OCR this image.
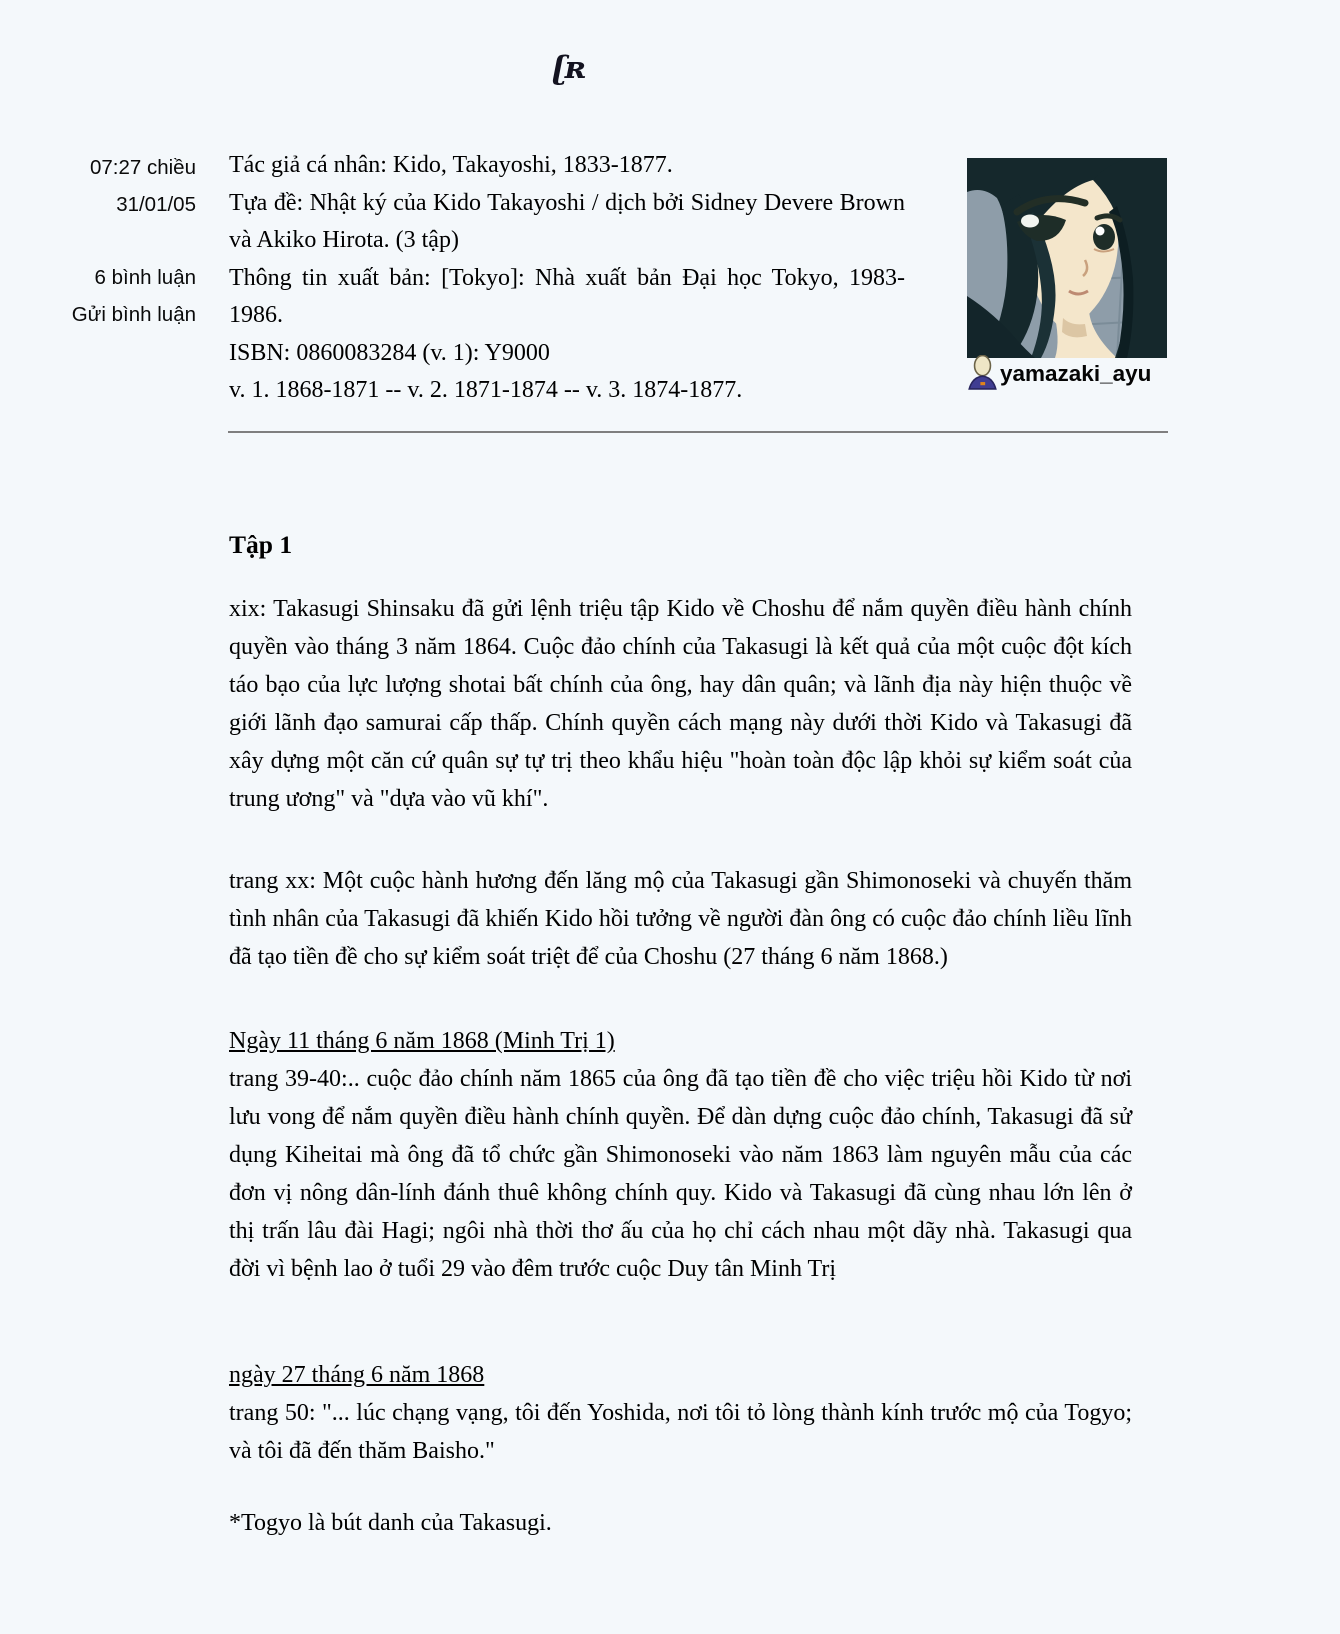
ʗʀ
07:27 chiều
31/01/05
6 bình luận
Gửi bình luận

Tác giả cá nhân: Kido, Takayoshi, 1833-1877.

Tựa đề: Nhật ký của Kido Takayoshi / dịch bởi Sidney Devere Brown và Akiko Hirota. (3 tập)

Thông tin xuất bản: [Tokyo]: Nhà xuất bản Đại học Tokyo, 1983-1986.

ISBN: 0860083284 (v. 1): Y9000

v. 1. 1868-1871 -- v. 2. 1871-1874 -- v. 3. 1874-1877.

yamazaki_ayu
Tập 1

xix: Takasugi Shinsaku đã gửi lệnh triệu tập Kido về Choshu để nắm quyền điều hành chính quyền vào tháng 3 năm 1864. Cuộc đảo chính của Takasugi là kết quả của một cuộc đột kích táo bạo của lực lượng shotai bất chính của ông, hay dân quân; và lãnh địa này hiện thuộc về giới lãnh đạo samurai cấp thấp. Chính quyền cách mạng này dưới thời Kido và Takasugi đã xây dựng một căn cứ quân sự tự trị theo khẩu hiệu "hoàn toàn độc lập khỏi sự kiểm soát của trung ương" và "dựa vào vũ khí".

trang xx: Một cuộc hành hương đến lăng mộ của Takasugi gần Shimonoseki và chuyến thăm tình nhân của Takasugi đã khiến Kido hồi tưởng về người đàn ông có cuộc đảo chính liều lĩnh đã tạo tiền đề cho sự kiểm soát triệt để của Choshu (27 tháng 6 năm 1868.)

Ngày 11 tháng 6 năm 1868 (Minh Trị 1)

trang 39-40:.. cuộc đảo chính năm 1865 của ông đã tạo tiền đề cho việc triệu hồi Kido từ nơi lưu vong để nắm quyền điều hành chính quyền. Để dàn dựng cuộc đảo chính, Takasugi đã sử dụng Kiheitai mà ông đã tổ chức gần Shimonoseki vào năm 1863 làm nguyên mẫu của các đơn vị nông dân-lính đánh thuê không chính quy. Kido và Takasugi đã cùng nhau lớn lên ở thị trấn lâu đài Hagi; ngôi nhà thời thơ ấu của họ chỉ cách nhau một dãy nhà. Takasugi qua đời vì bệnh lao ở tuổi 29 vào đêm trước cuộc Duy tân Minh Trị

ngày 27 tháng 6 năm 1868

trang 50: "... lúc chạng vạng, tôi đến Yoshida, nơi tôi tỏ lòng thành kính trước mộ của Togyo; và tôi đã đến thăm Baisho."

*Togyo là bút danh của Takasugi.
